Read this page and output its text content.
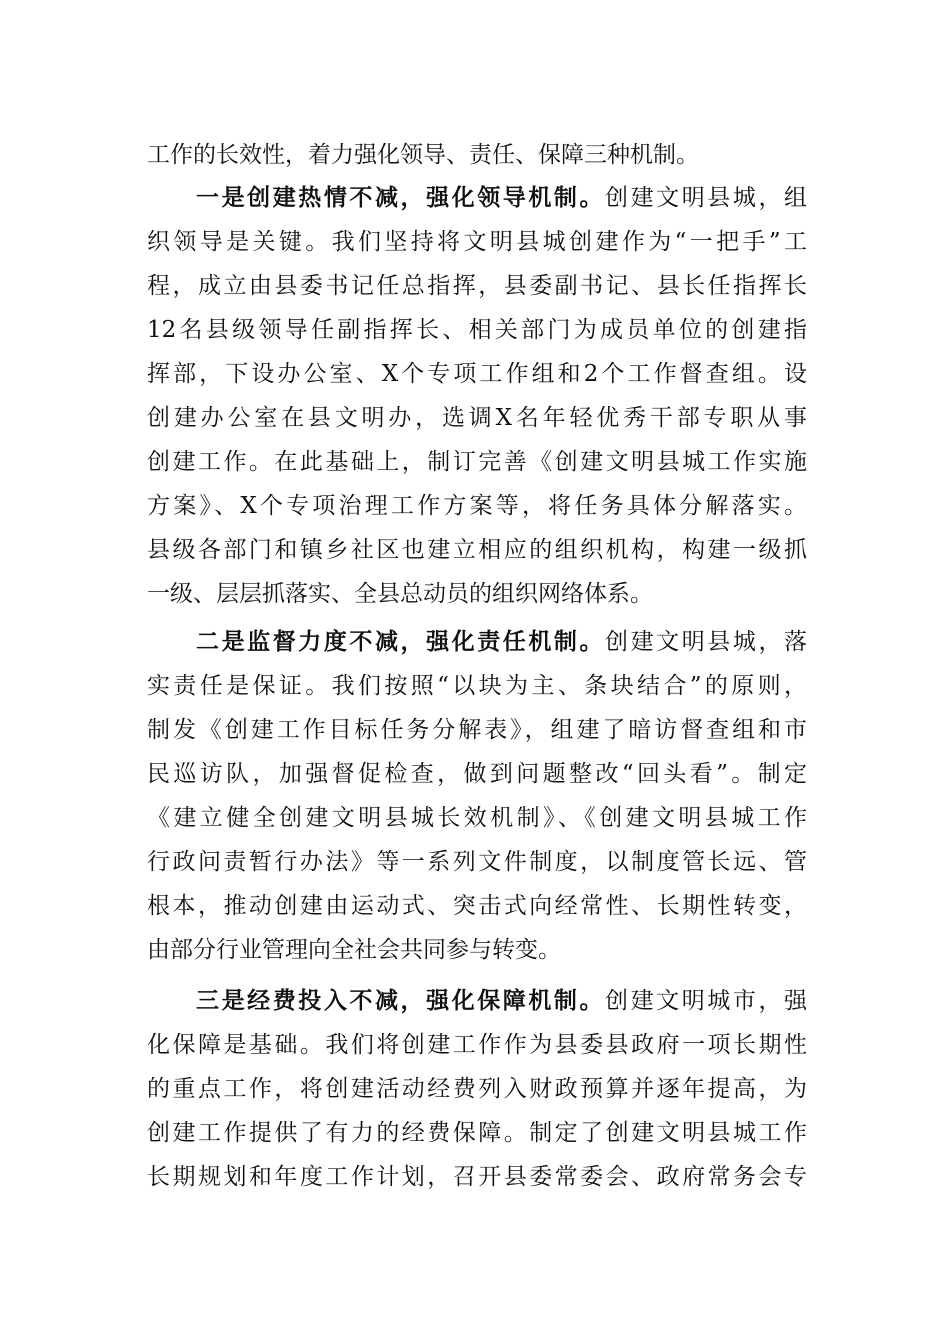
工作的长效性，着力强化领导、责任、保障三种机制。
一是创建热情不减，强化领导机制。创建文明县城，组
织领导是关键。我们坚持将文明县城创建作为“一把手”工
程，成立由县委书记任总指挥，县委副书记、县长任指挥长
12名县级领导任副指挥长、相关部门为成员单位的创建指
挥部，下设办公室、X个专项工作组和2个工作督查组。设
创建办公室在县文明办，选调X名年轻优秀干部专职从事
创建工作。在此基础上，制订完善《创建文明县城工作实施
方案》、X个专项治理工作方案等，将任务具体分解落实。
县级各部门和镇乡社区也建立相应的组织机构，构建一级抓
一级、层层抓落实、全县总动员的组织网络体系。
二是监督力度不减，强化责任机制。创建文明县城，落
实责任是保证。我们按照“以块为主、条块结合”的原则，
制发《创建工作目标任务分解表》，组建了暗访督查组和市
民巡访队，加强督促检查，做到问题整改“回头看”。制定
《建立健全创建文明县城长效机制》、《创建文明县城工作
行政问责暂行办法》等一系列文件制度，以制度管长远、管
根本，推动创建由运动式、突击式向经常性、长期性转变，
由部分行业管理向全社会共同参与转变。
三是经费投入不减，强化保障机制。创建文明城市，强
化保障是基础。我们将创建工作作为县委县政府一项长期性
的重点工作，将创建活动经费列入财政预算并逐年提高，为
创建工作提供了有力的经费保障。制定了创建文明县城工作
长期规划和年度工作计划，召开县委常委会、政府常务会专
